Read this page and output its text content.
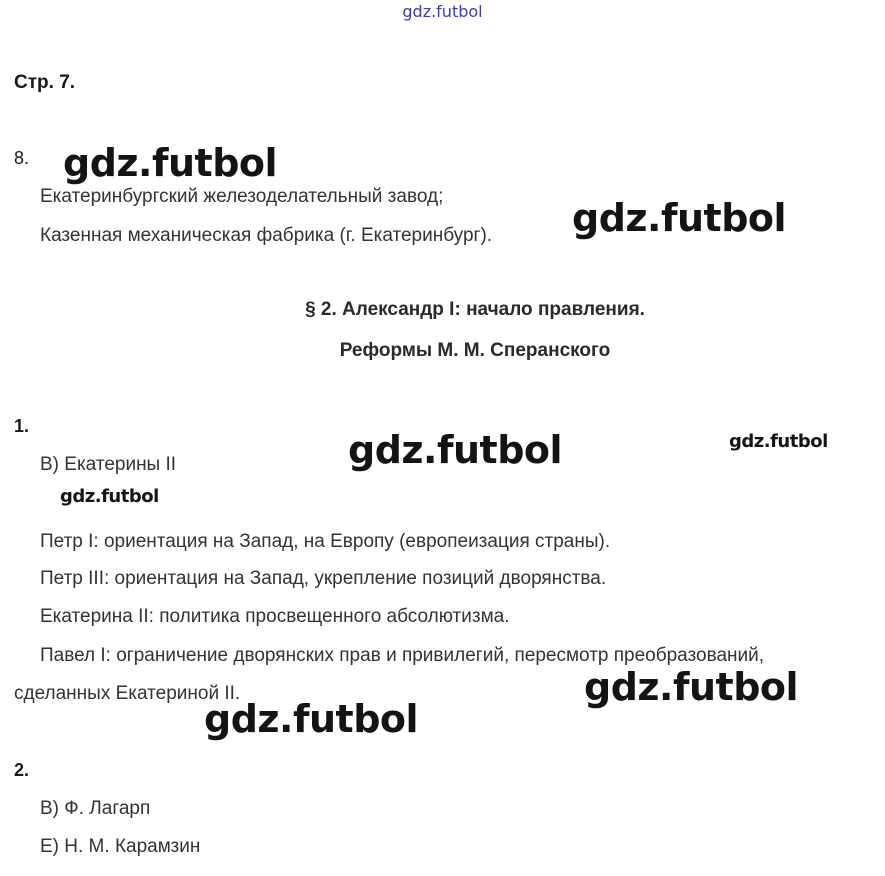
gdz.futbol
Стр. 7.
8.
Екатеринбургский железоделательный завод;
Казенная механическая фабрика (г. Екатеринбург).
§ 2. Александр I: начало правления.
Реформы М. М. Сперанского
1.
В) Екатерины II
Петр I: ориентация на Запад, на Европу (европеизация страны).
Петр III: ориентация на Запад, укрепление позиций дворянства.
Екатерина II: политика просвещенного абсолютизма.
Павел I: ограничение дворянских прав и привилегий, пересмотр преобразований,
сделанных Екатериной II.
2.
В) Ф. Лагарп
Е) Н. М. Карамзин
gdz.futbol
gdz.futbol
gdz.futbol	gdz.futbol
gdz.futbol
gdz.futbol
gdz.futbol
